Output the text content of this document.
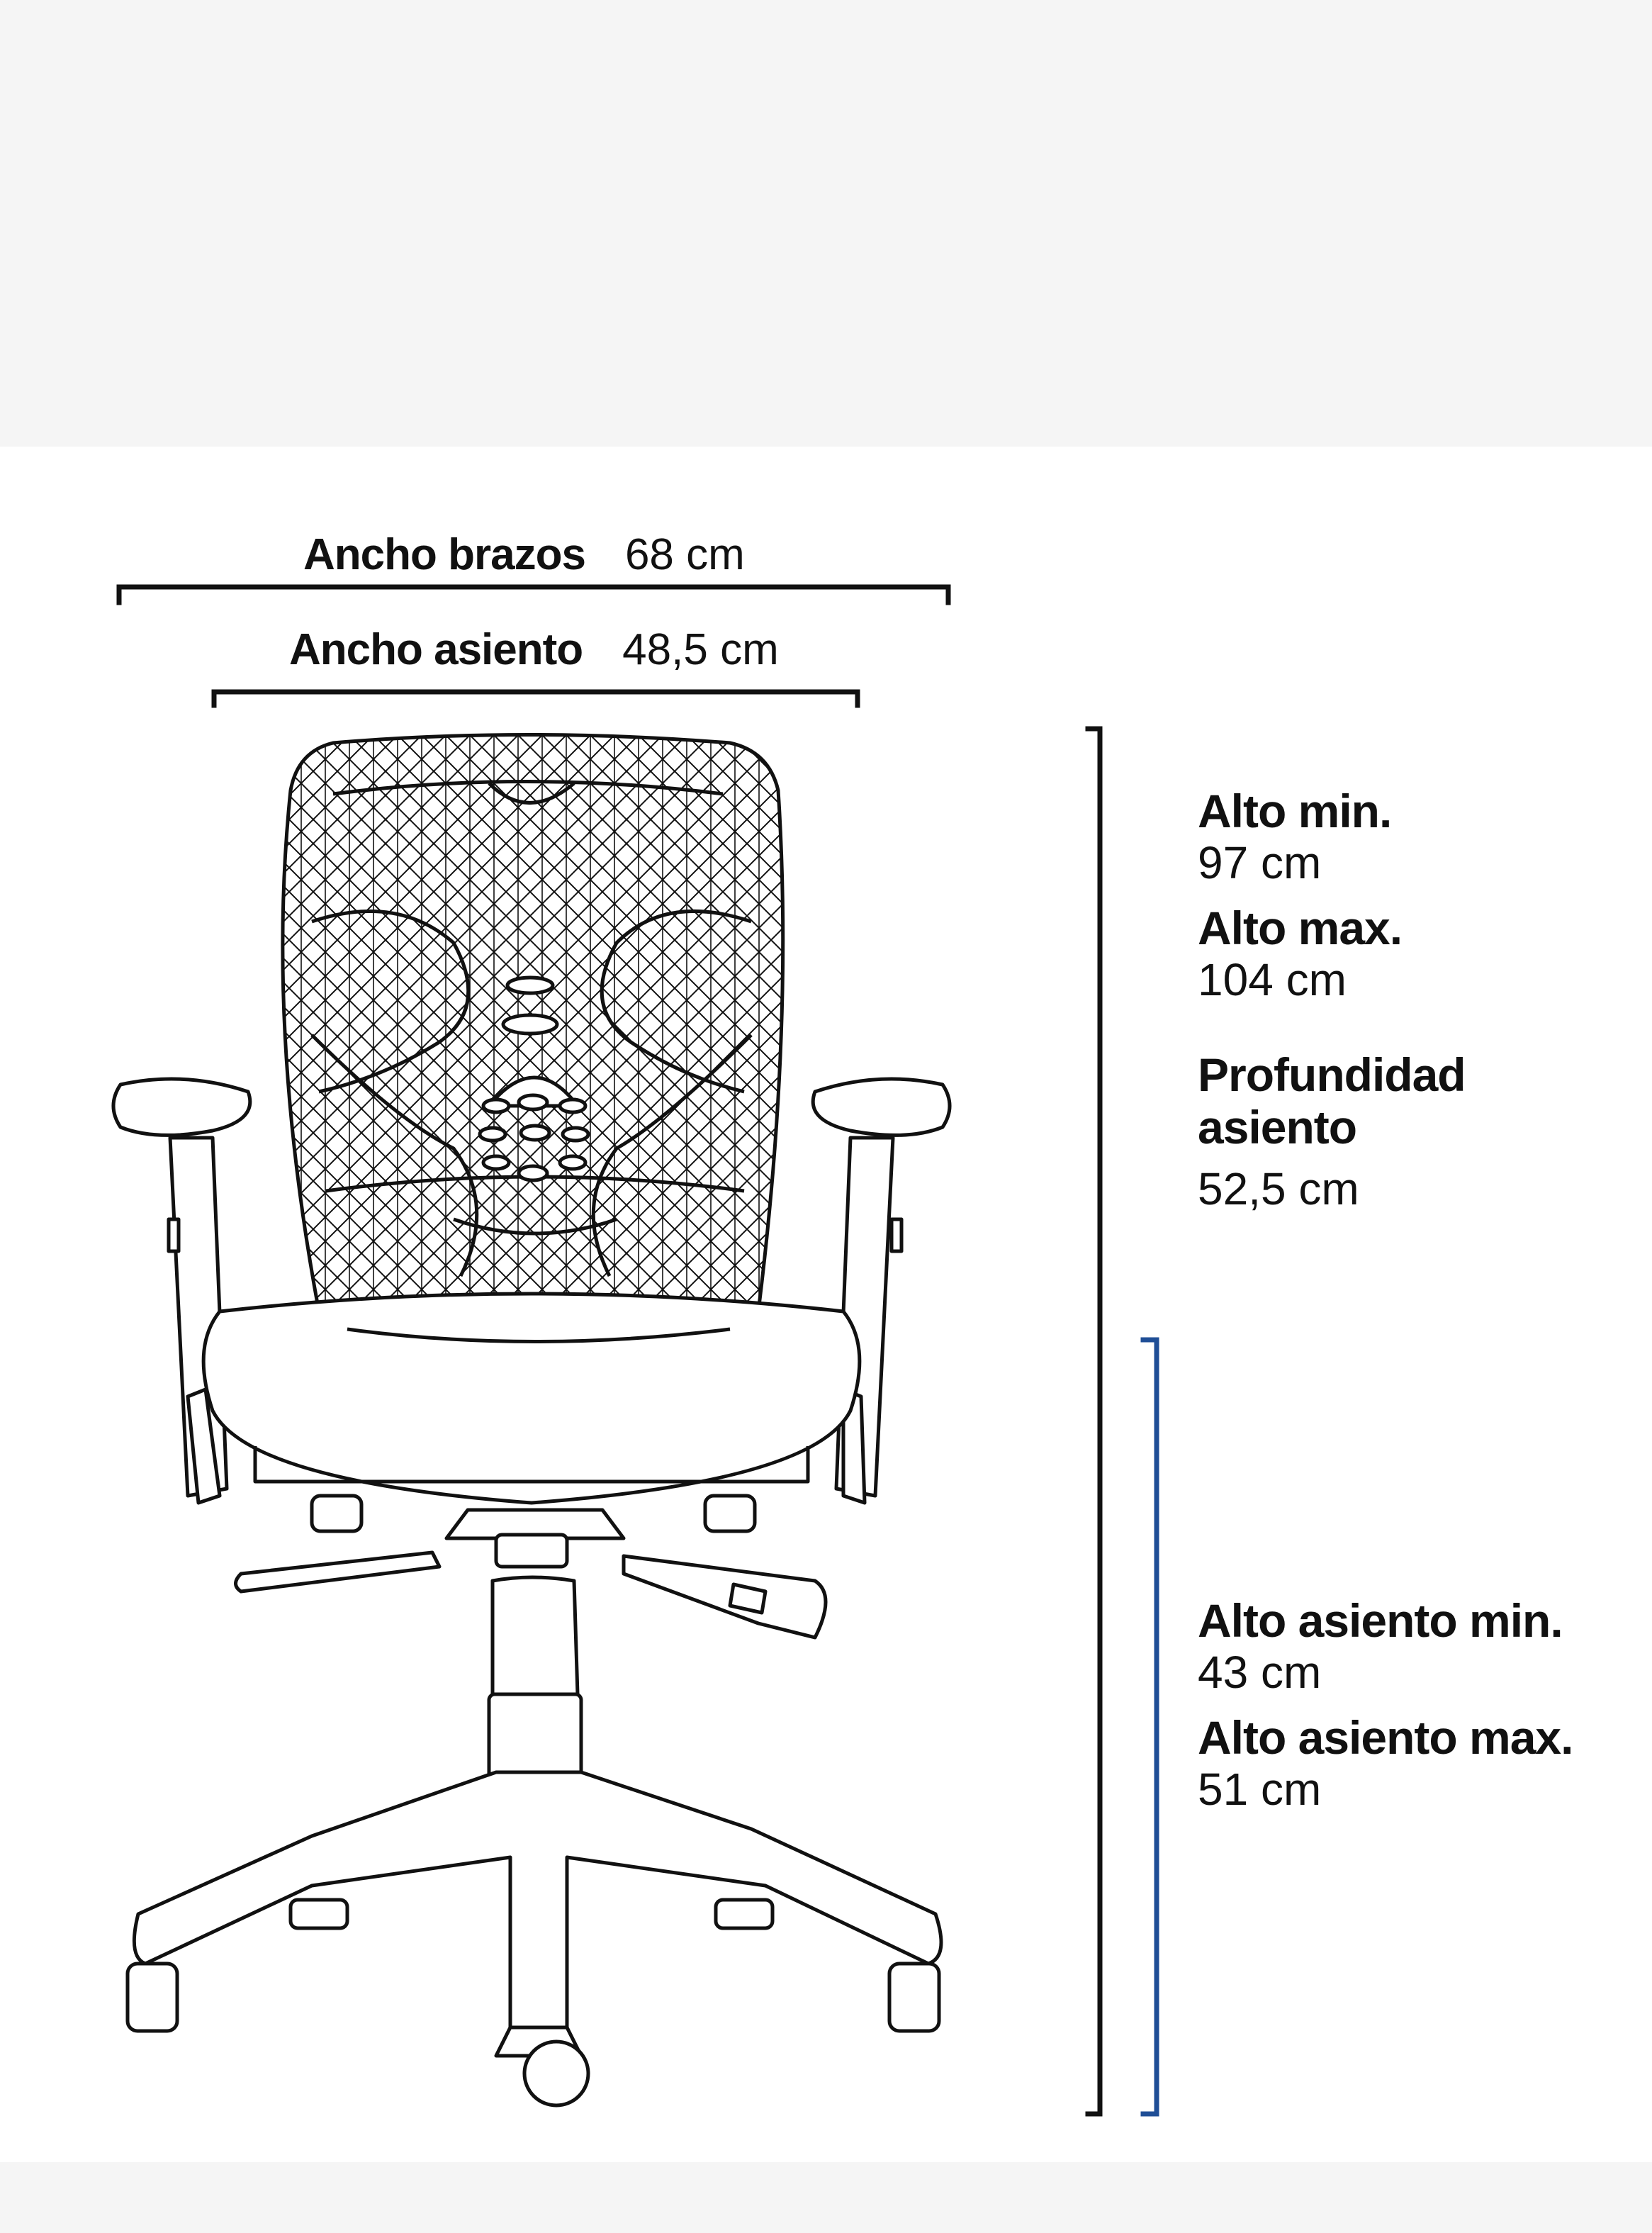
Ancho brazos 68 cm
Ancho asiento 48,5 cm
Alto min.
97 cm
Alto max.
104 cm
Profundidad
asiento
52,5 cm
Alto asiento min.
43 cm
Alto asiento max.
51 cm
